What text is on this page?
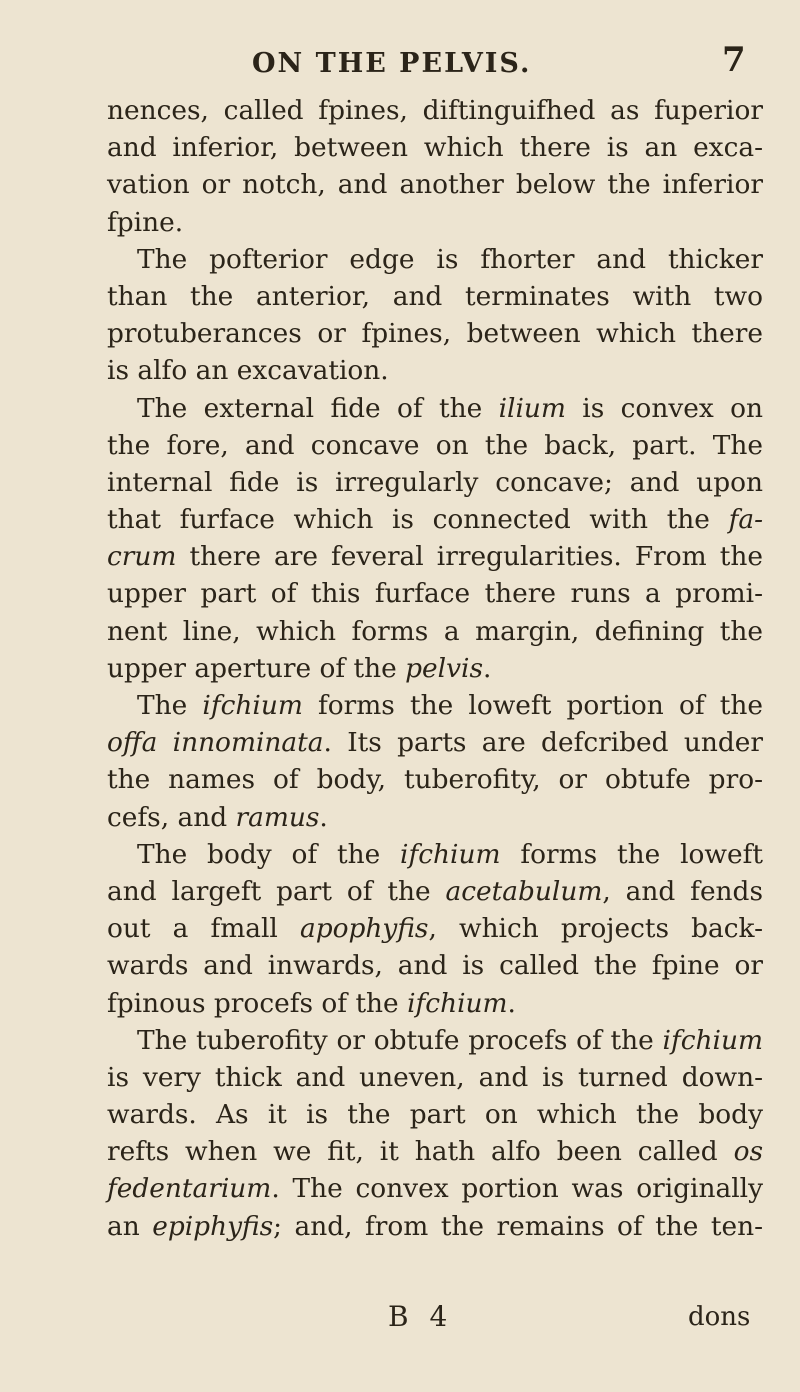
ON THE PELVIS.	7
nences, called fpines, diftinguifhed as fuperior
and inferior, between which there is an exca-
vation or notch, and another below the inferior
fpine.
The pofterior edge is fhorter and thicker
than the anterior, and terminates with two
protuberances or fpines, between which there
is alfo an excavation.
The external fide of the ilium is convex on
the fore, and concave on the back, part. The
internal fide is irregularly concave; and upon
that furface which is connected with the fa-
crum there are feveral irregularities. From the
upper part of this furface there runs a promi-
nent line, which forms a margin, defining the
upper aperture of the pelvis.
The ifchium forms the loweft portion of the
offa innominata. Its parts are defcribed under
the names of body, tuberofity, or obtufe pro-
cefs, and ramus.
The body of the ifchium forms the loweft
and largeft part of the acetabulum, and fends
out a fmall apophyfis, which projects back-
wards and inwards, and is called the fpine or
fpinous procefs of the ifchium.
The tuberofity or obtufe procefs of the ifchium
is very thick and uneven, and is turned down-
wards. As it is the part on which the body
refts when we fit, it hath alfo been called os
fedentarium. The convex portion was originally
an epiphyfis; and, from the remains of the ten-
B 4	dons
